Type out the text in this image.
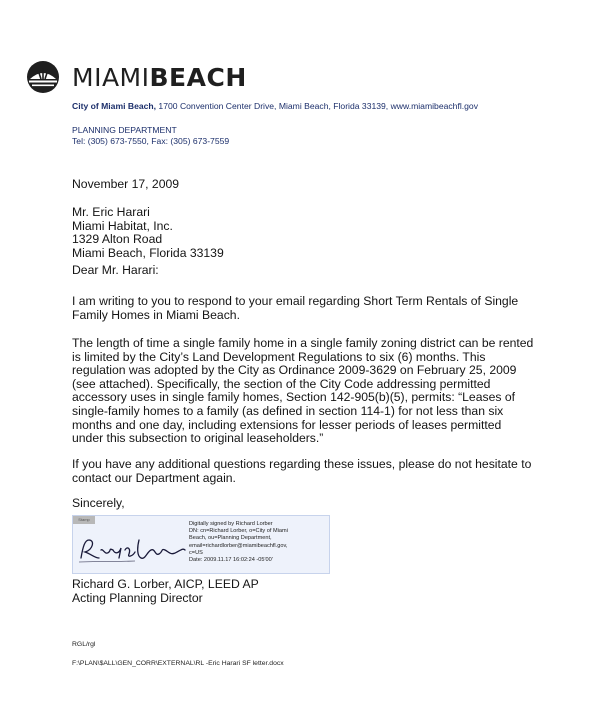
MIAMIBEACH
City of Miami Beach, 1700 Convention Center Drive, Miami Beach, Florida 33139, www.miamibeachfl.gov
PLANNING DEPARTMENT
Tel: (305) 673-7550, Fax: (305) 673-7559
November 17, 2009
Mr. Eric Harari
Miami Habitat, Inc.
1329 Alton Road
Miami Beach, Florida 33139
Dear Mr. Harari:
I am writing to you to respond to your email regarding Short Term Rentals of Single Family Homes in Miami Beach.
The length of time a single family home in a single family zoning district can be rented is limited by the City’s Land Development Regulations to six (6) months. This regulation was adopted by the City as Ordinance 2009-3629 on February 25, 2009 (see attached). Specifically, the section of the City Code addressing permitted accessory uses in single family homes, Section 142-905(b)(5), permits: “Leases of single-family homes to a family (as defined in section 114-1) for not less than six months and one day, including extensions for lesser periods of leases permitted under this subsection to original leaseholders.”
If you have any additional questions regarding these issues, please do not hesitate to contact our Department again.
Sincerely,
Stamp
Digitally signed by Richard Lorber
DN: cn=Richard Lorber, o=City of Miami
Beach, ou=Planning Department,
email=richardlorber@miamibeachfl.gov,
c=US
Date: 2009.11.17 16:02:24 -05'00'
Richard G. Lorber, AICP, LEED AP
Acting Planning Director
RGL/rgl
F:\PLAN\$ALL\GEN_CORR\EXTERNAL\RL -Eric Harari SF letter.docx
